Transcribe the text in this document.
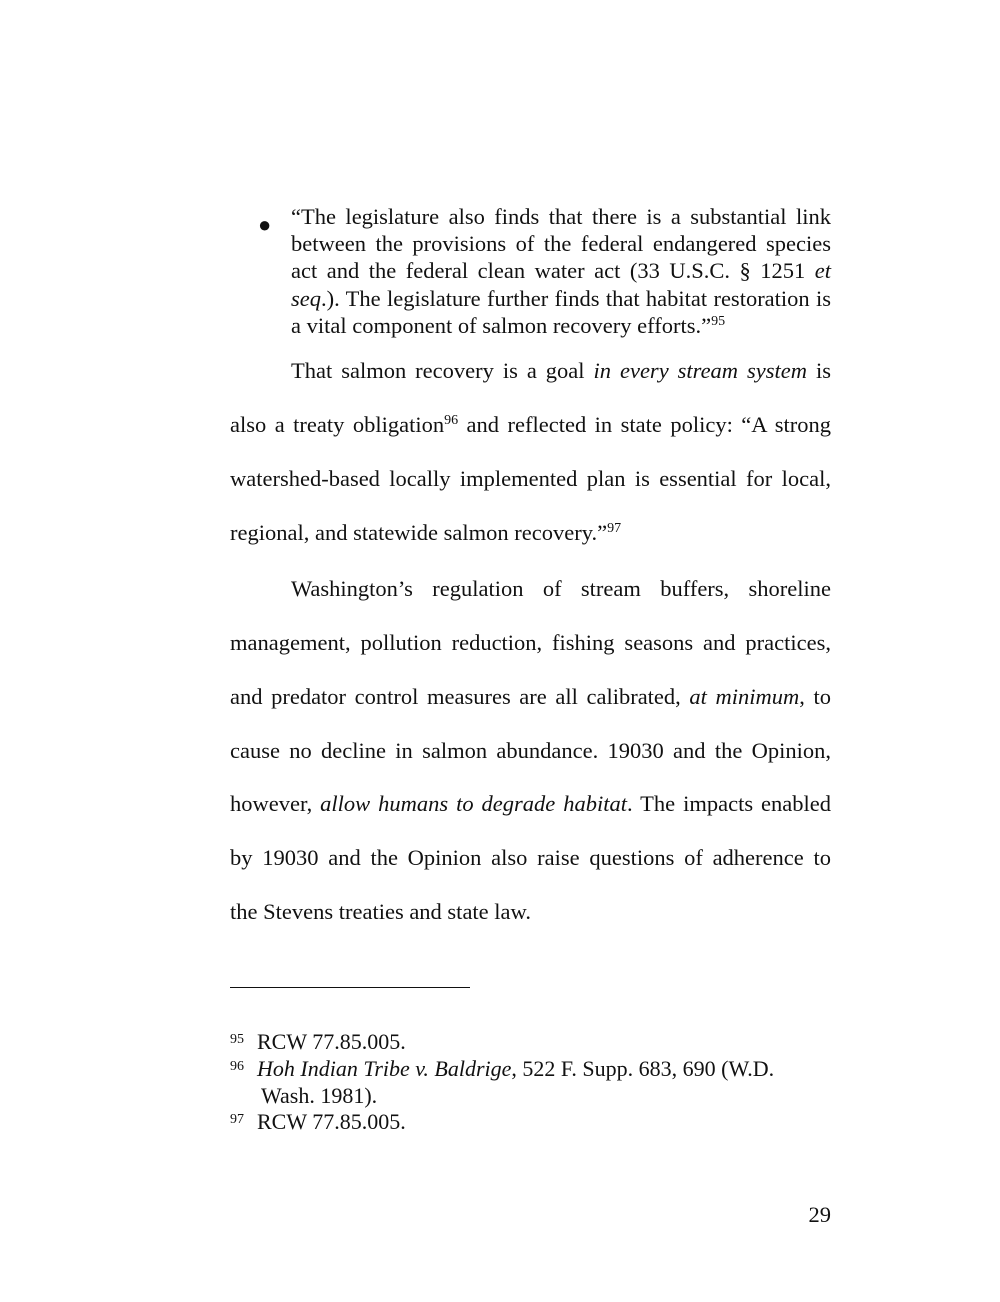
● “The legislature also finds that there is a substantial link between the provisions of the federal endangered species act and the federal clean water act (33 U.S.C. § 1251 et seq.). The legislature further finds that habitat restoration is a vital component of salmon recovery efforts.”$^{95}$
That salmon recovery is a goal in every stream system is
also a treaty obligation$^{96}$ and reflected in state policy: “A strong
watershed-based locally implemented plan is essential for local,
regional, and statewide salmon recovery.”$^{97}$
Washington’s regulation of stream buffers, shoreline
management, pollution reduction, fishing seasons and practices,
and predator control measures are all calibrated, at minimum, to
cause no decline in salmon abundance. 19030 and the Opinion,
however, allow humans to degrade habitat. The impacts enabled
by 19030 and the Opinion also raise questions of adherence to
the Stevens treaties and state law.
95 RCW 77.85.005.
96 Hoh Indian Tribe v. Baldrige, 522 F. Supp. 683, 690 (W.D.
Wash. 1981).
97 RCW 77.85.005.
29
